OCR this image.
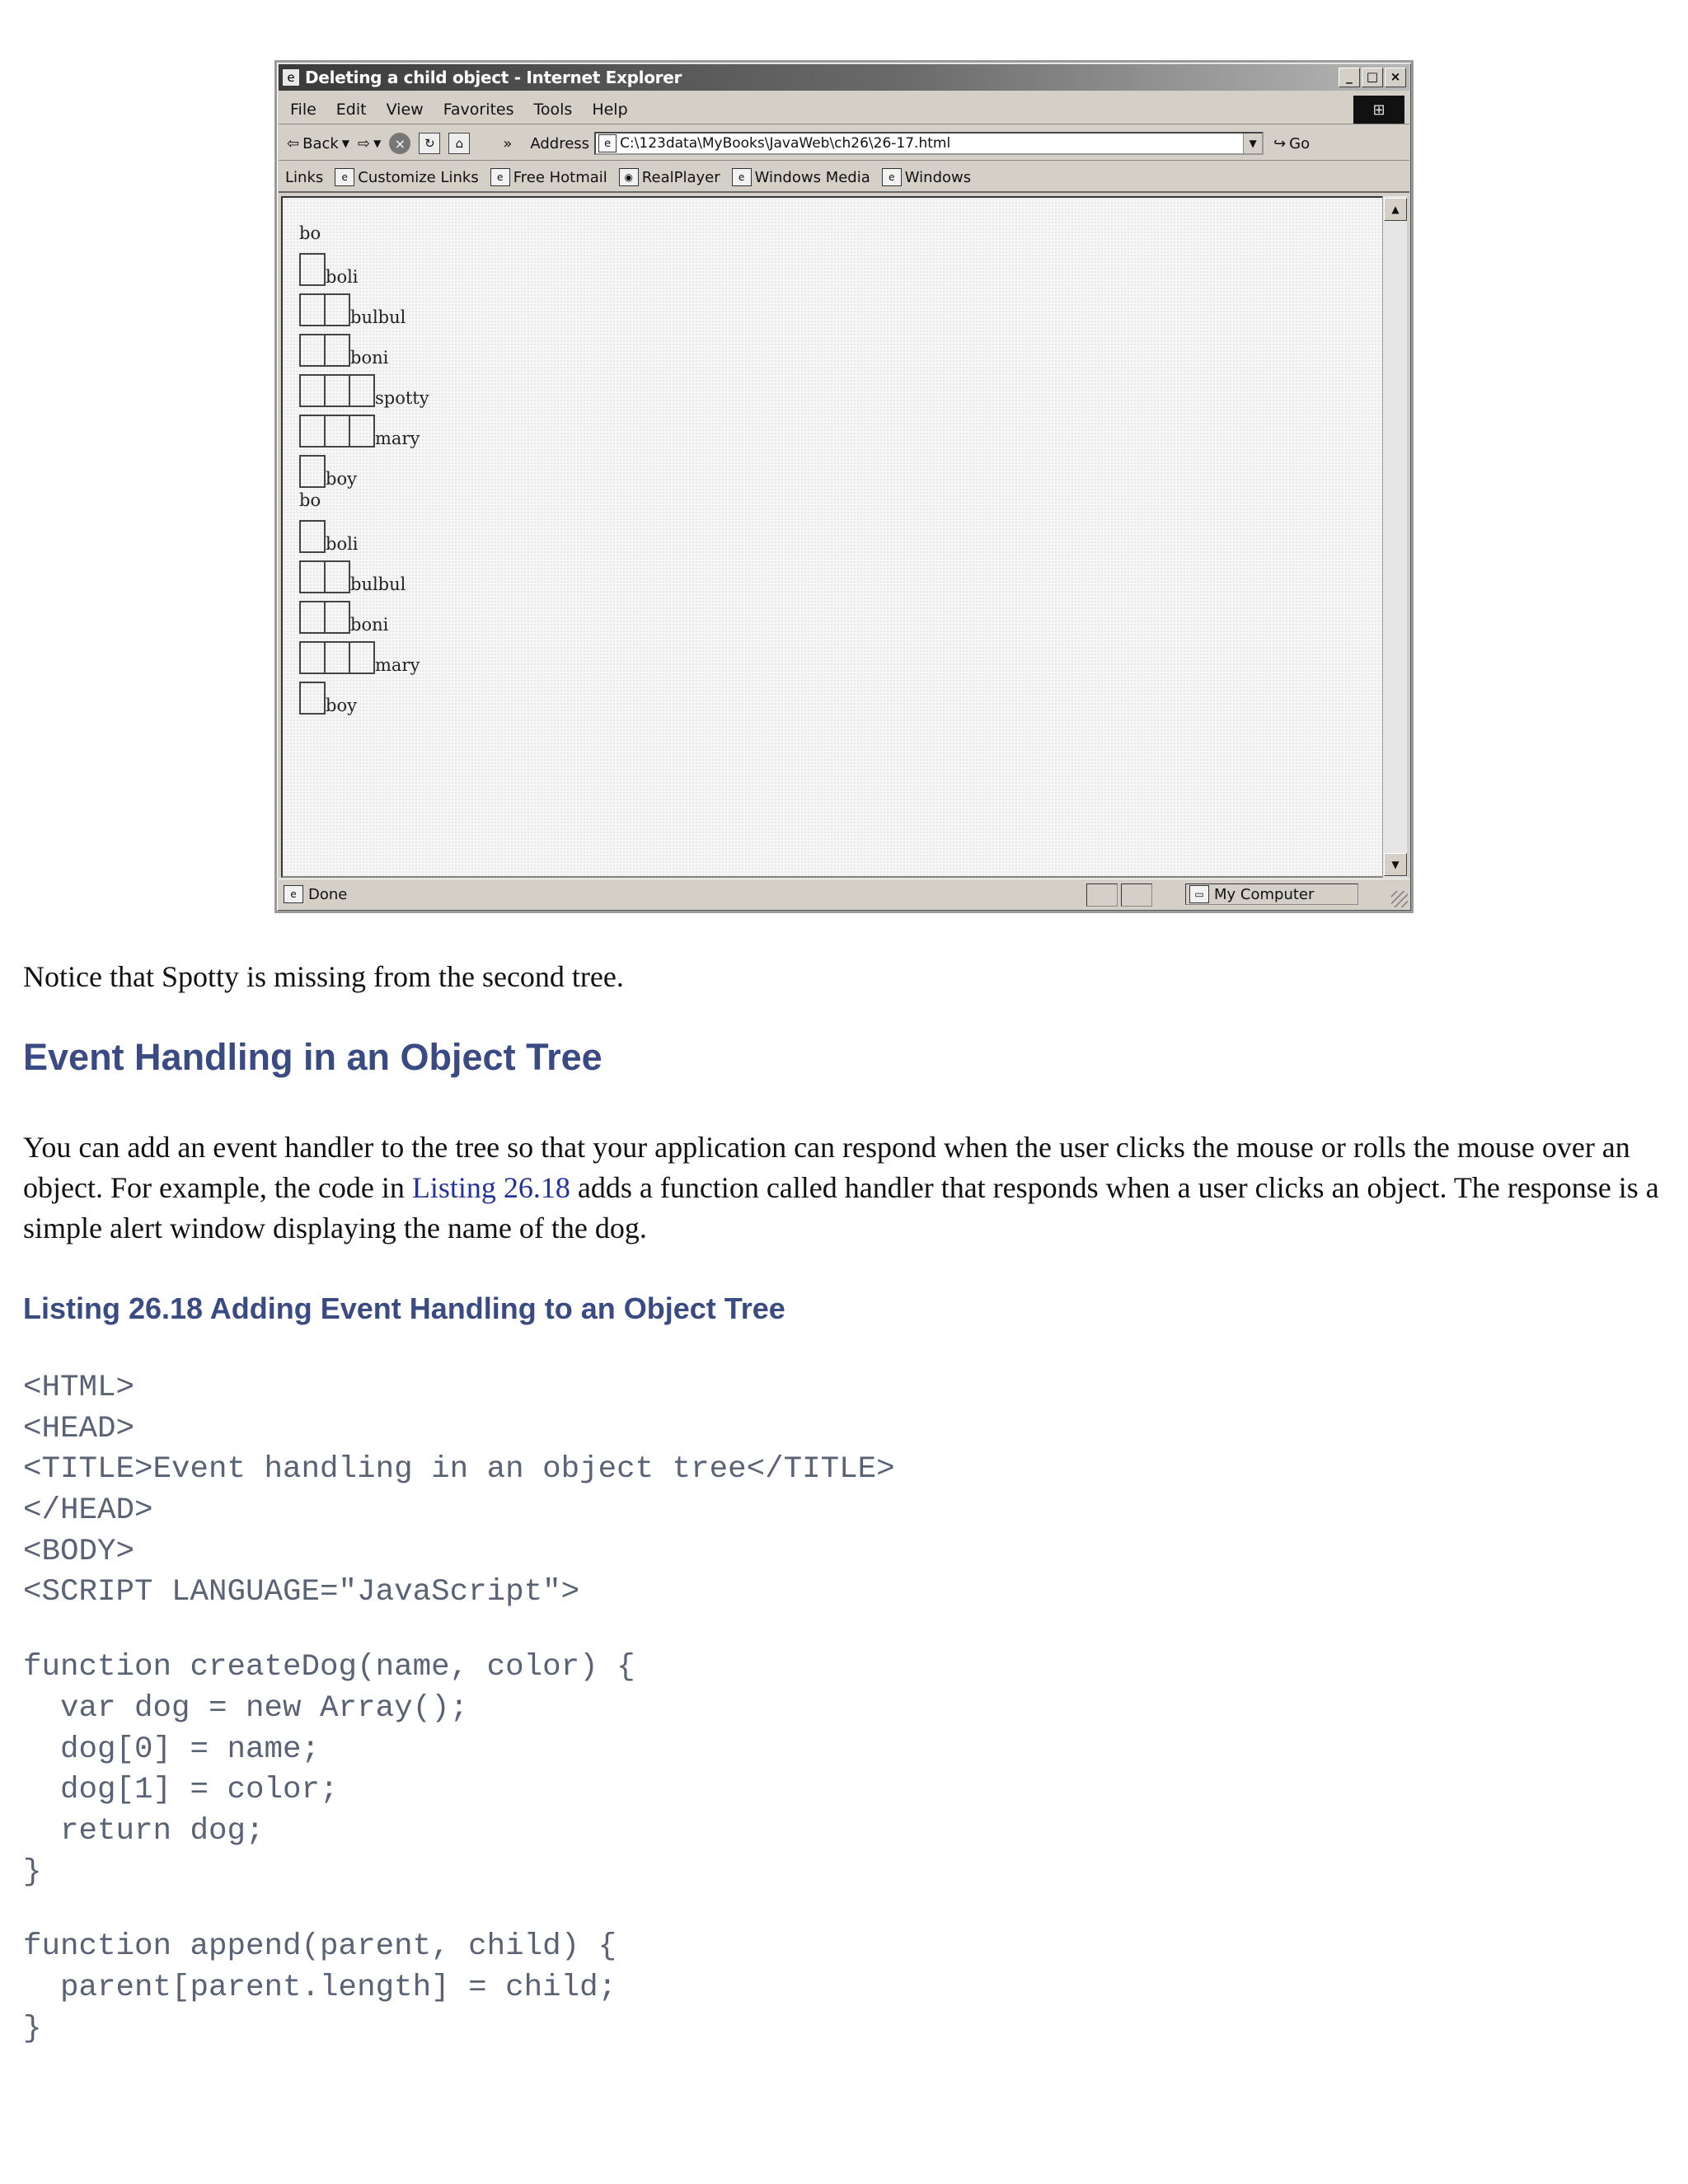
e Deleting a child object - Internet Explorer	_	□ ×
File Edit View Favorites Tools Help	⊞
⇦ Back ▼ ⇨ ▼	×	↻	⌂	» Address	e C:\123data\MyBooks\JavaWeb\ch26\26-17.html	▼	↪ Go
Links	e Customize Links	e Free Hotmail	◉ RealPlayer	e Windows Media	e Windows
bo
boli
bulbul
boni
spotty
mary
boy
bo
boli
bulbul
boni
mary
boy
▲
▼
e Done	▭ My Computer

Notice that Spotty is missing from the second tree.

Event Handling in an Object Tree

You can add an event handler to the tree so that your application can respond when the user clicks the mouse or rolls the mouse over an object. For example, the code in Listing 26.18 adds a function called handler that responds when a user clicks an object. The response is a simple alert window displaying the name of the dog.

Listing 26.18 Adding Event Handling to an Object Tree
<HTML>
<HEAD>
<TITLE>Event handling in an object tree</TITLE>
</HEAD>
<BODY>
<SCRIPT LANGUAGE="JavaScript">
function createDog(name, color) {
var dog = new Array();
dog[0] = name;
dog[1] = color;
return dog;
}
function append(parent, child) {
parent[parent.length] = child;
}
